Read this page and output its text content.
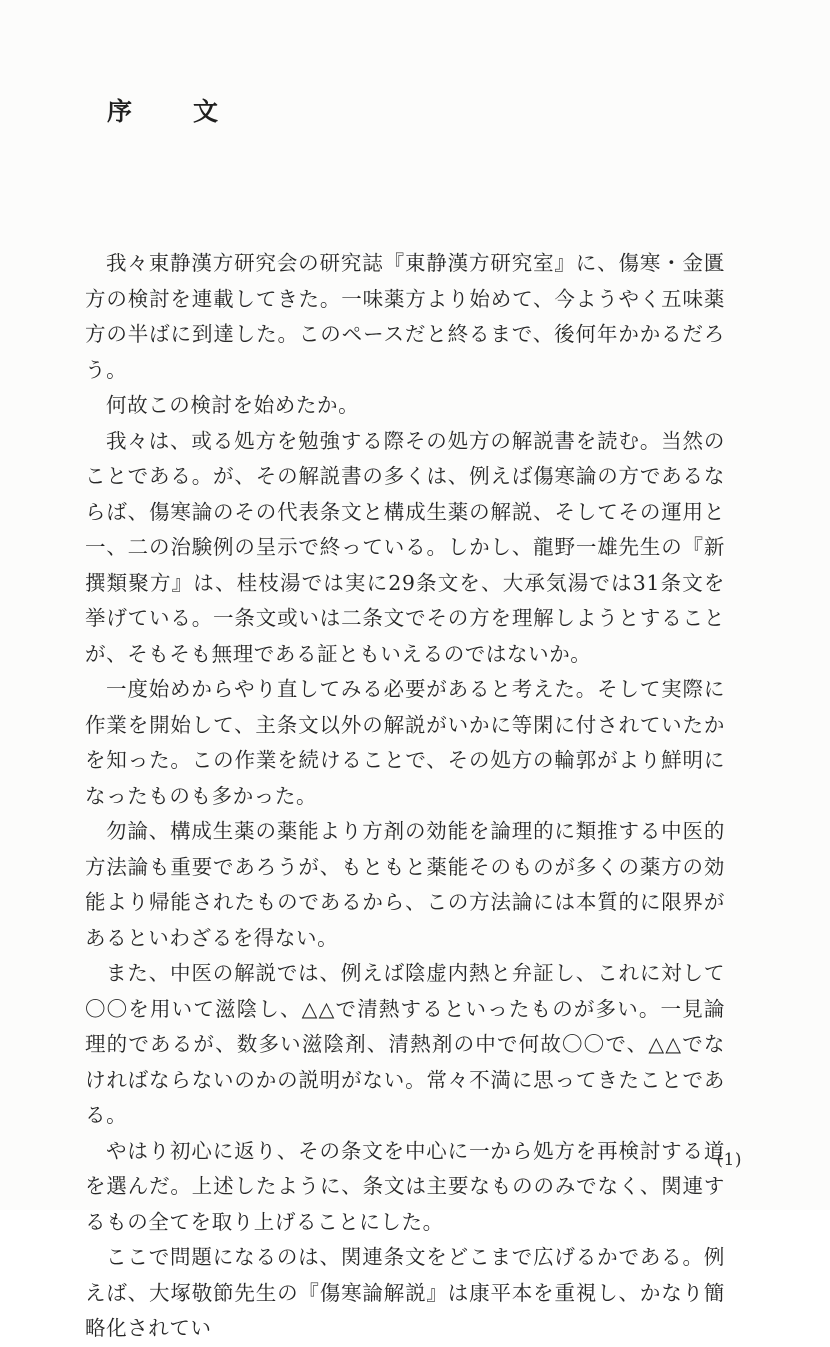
序　文

我々東静漢方研究会の研究誌『東静漢方研究室』に、傷寒・金匱方の検討を連載してきた。一味薬方より始めて、今ようやく五味薬方の半ばに到達した。このペースだと終るまで、後何年かかるだろう。

何故この検討を始めたか。

我々は、或る処方を勉強する際その処方の解説書を読む。当然のことである。が、その解説書の多くは、例えば傷寒論の方であるならば、傷寒論のその代表条文と構成生薬の解説、そしてその運用と一、二の治験例の呈示で終っている。しかし、龍野一雄先生の『新撰類聚方』は、桂枝湯では実に29条文を、大承気湯では31条文を挙げている。一条文或いは二条文でその方を理解しようとすることが、そもそも無理である証ともいえるのではないか。

一度始めからやり直してみる必要があると考えた。そして実際に作業を開始して、主条文以外の解説がいかに等閑に付されていたかを知った。この作業を続けることで、その処方の輪郭がより鮮明になったものも多かった。

勿論、構成生薬の薬能より方剤の効能を論理的に類推する中医的方法論も重要であろうが、もともと薬能そのものが多くの薬方の効能より帰能されたものであるから、この方法論には本質的に限界があるといわざるを得ない。

また、中医の解説では、例えば陰虚内熱と弁証し、これに対して〇〇を用いて滋陰し、△△で清熱するといったものが多い。一見論理的であるが、数多い滋陰剤、清熱剤の中で何故〇〇で、△△でなければならないのかの説明がない。常々不満に思ってきたことである。

やはり初心に返り、その条文を中心に一から処方を再検討する道を選んだ。上述したように、条文は主要なもののみでなく、関連するもの全てを取り上げることにした。

ここで問題になるのは、関連条文をどこまで広げるかである。例えば、大塚敬節先生の『傷寒論解説』は康平本を重視し、かなり簡略化されてい

(1)
